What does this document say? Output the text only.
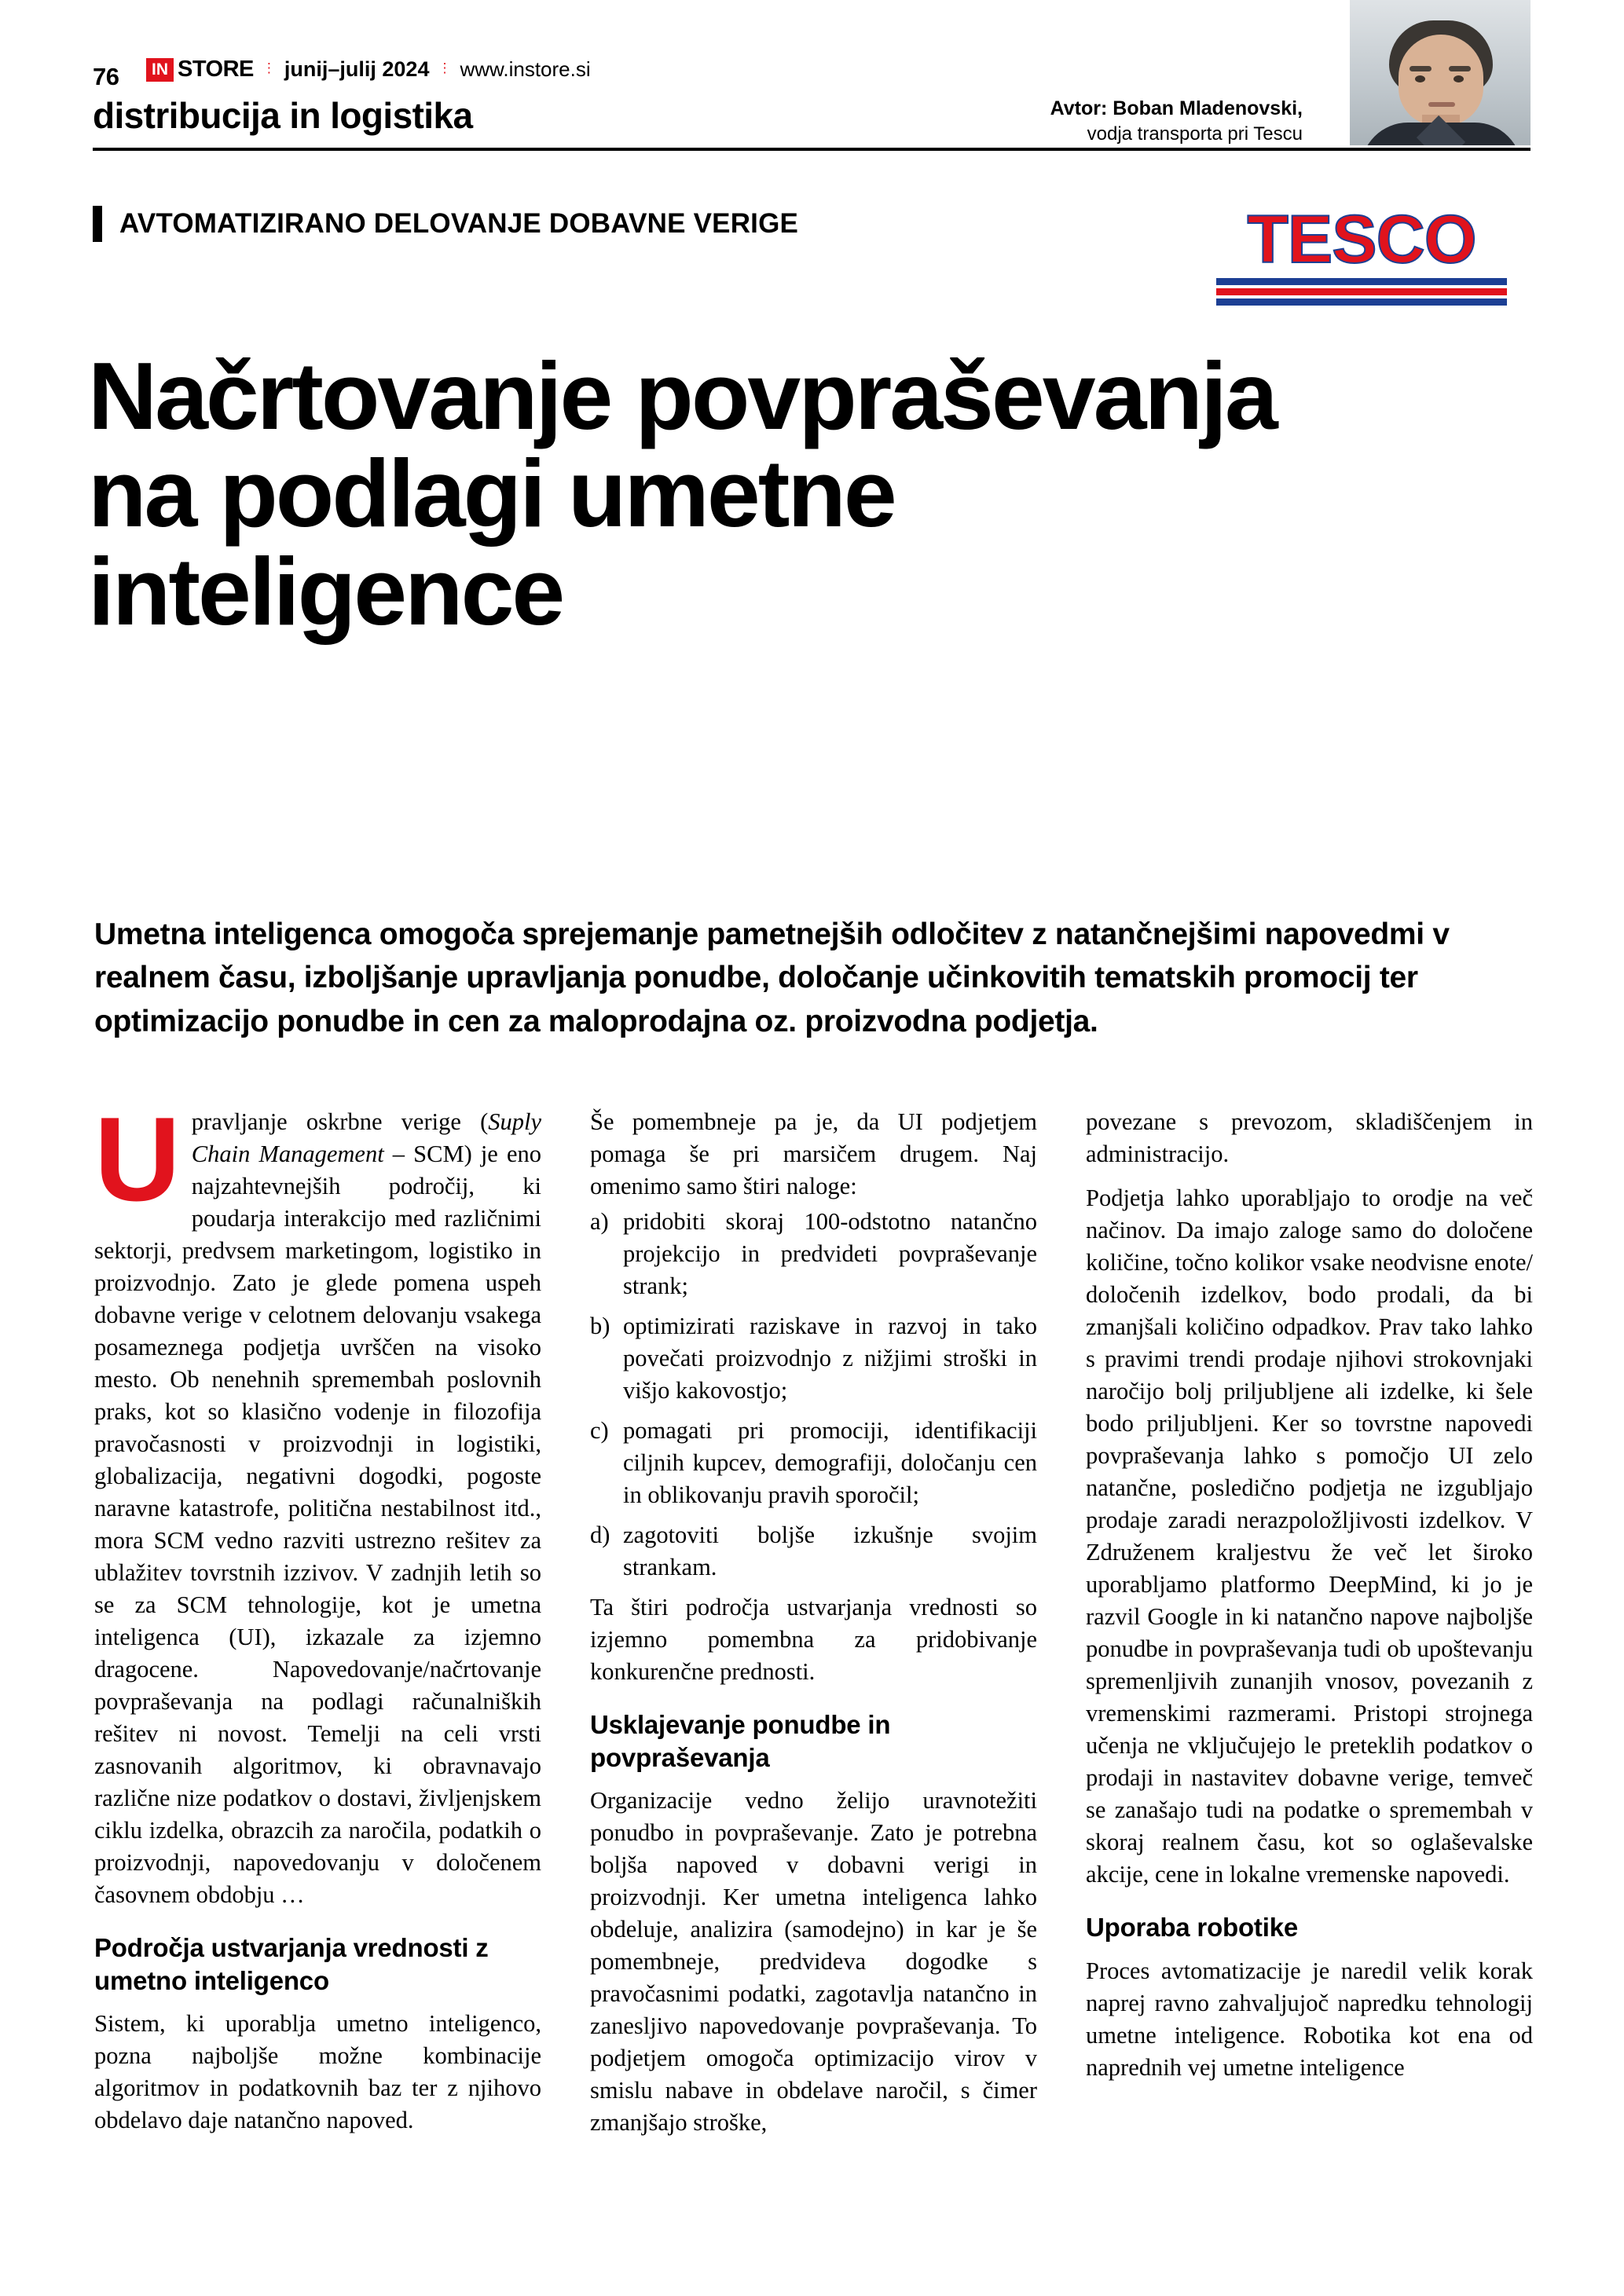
76	IN STORE ⋮ junij–julij 2024 ⋮ www.instore.si
distribucija in logistika	Avtor: Boban Mladenovski,
vodja transporta pri Tescu
AVTOMATIZIRANO DELOVANJE DOBAVNE VERIGE	TESCO
Načrtovanje povpraševanja na podlagi umetne inteligence
Umetna inteligenca omogoča sprejemanje pametnejših odločitev z natančnejšimi napovedmi v realnem času, izboljšanje upravljanja ponudbe, določanje učinkovitih tematskih promocij ter optimizacijo ponudbe in cen za maloprodajna oz. proizvodna podjetja.

Upravljanje oskrbne verige (Suply Chain Management – SCM) je eno najzahtevnejših področij, ki poudarja interakcijo med različnimi sektorji, predvsem marketingom, logistiko in proizvodnjo. Zato je glede pomena uspeh dobavne verige v celotnem delovanju vsakega posameznega podjetja uvrščen na visoko mesto. Ob nenehnih spremembah poslovnih praks, kot so klasično vodenje in filozofija pravočasnosti v proizvodnji in logistiki, globalizacija, negativni dogodki, pogoste naravne katastrofe, politična nestabilnost itd., mora SCM vedno razviti ustrezno rešitev za ublažitev tovrstnih izzivov. V zadnjih letih so se za SCM tehnologije, kot je umetna inteligenca (UI), izkazale za izjemno dragocene. Napovedovanje/načrtovanje povpraševanja na podlagi računalniških rešitev ni novost. Temelji na celi vrsti zasnovanih algoritmov, ki obravnavajo različne nize podatkov o dostavi, življenjskem ciklu izdelka, obrazcih za naročila, podatkih o proizvodnji, napovedovanju v določenem časovnem obdobju …

Področja ustvarjanja vrednosti z umetno inteligenco

Sistem, ki uporablja umetno inteligenco, pozna najboljše možne kombinacije algoritmov in podatkovnih baz ter z njihovo obdelavo daje natančno napoved.

Še pomembneje pa je, da UI podjetjem pomaga še pri marsičem drugem. Naj omenimo samo štiri naloge:

a) pridobiti skoraj 100-odstotno natančno projekcijo in predvideti povpraševanje strank;
b) optimizirati raziskave in razvoj in tako povečati proizvodnjo z nižjimi stroški in višjo kakovostjo;
c) pomagati pri promociji, identifikaciji ciljnih kupcev, demografiji, določanju cen in oblikovanju pravih sporočil;
d) zagotoviti boljše izkušnje svojim strankam.

Ta štiri področja ustvarjanja vrednosti so izjemno pomembna za pridobivanje konkurenčne prednosti.

Usklajevanje ponudbe in povpraševanja

Organizacije vedno želijo uravnotežiti ponudbo in povpraševanje. Zato je potrebna boljša napoved v dobavni verigi in proizvodnji. Ker umetna inteligenca lahko obdeluje, analizira (samodejno) in kar je še pomembneje, predvideva dogodke s pravočasnimi podatki, zagotavlja natančno in zanesljivo napovedovanje povpraševanja. To podjetjem omogoča optimizacijo virov v smislu nabave in obdelave naročil, s čimer zmanjšajo stroške,

povezane s prevozom, skladiščenjem in administracijo.

Podjetja lahko uporabljajo to orodje na več načinov. Da imajo zaloge samo do določene količine, točno kolikor vsake neodvisne enote/ določenih izdelkov, bodo prodali, da bi zmanjšali količino odpadkov. Prav tako lahko s pravimi trendi prodaje njihovi strokovnjaki naročijo bolj priljubljene ali izdelke, ki šele bodo priljubljeni. Ker so tovrstne napovedi povpraševanja lahko s pomočjo UI zelo natančne, posledično podjetja ne izgubljajo prodaje zaradi nerazpoložljivosti izdelkov. V Združenem kraljestvu že več let široko uporabljamo platformo DeepMind, ki jo je razvil Google in ki natančno napove najboljše ponudbe in povpraševanja tudi ob upoštevanju spremenljivih zunanjih vnosov, povezanih z vremenskimi razmerami. Pristopi strojnega učenja ne vključujejo le preteklih podatkov o prodaji in nastavitev dobavne verige, temveč se zanašajo tudi na podatke o spremembah v skoraj realnem času, kot so oglaševalske akcije, cene in lokalne vremenske napovedi.

Uporaba robotike

Proces avtomatizacije je naredil velik korak naprej ravno zahvaljujoč napredku tehnologij umetne inteligence. Robotika kot ena od naprednih vej umetne inteligence
